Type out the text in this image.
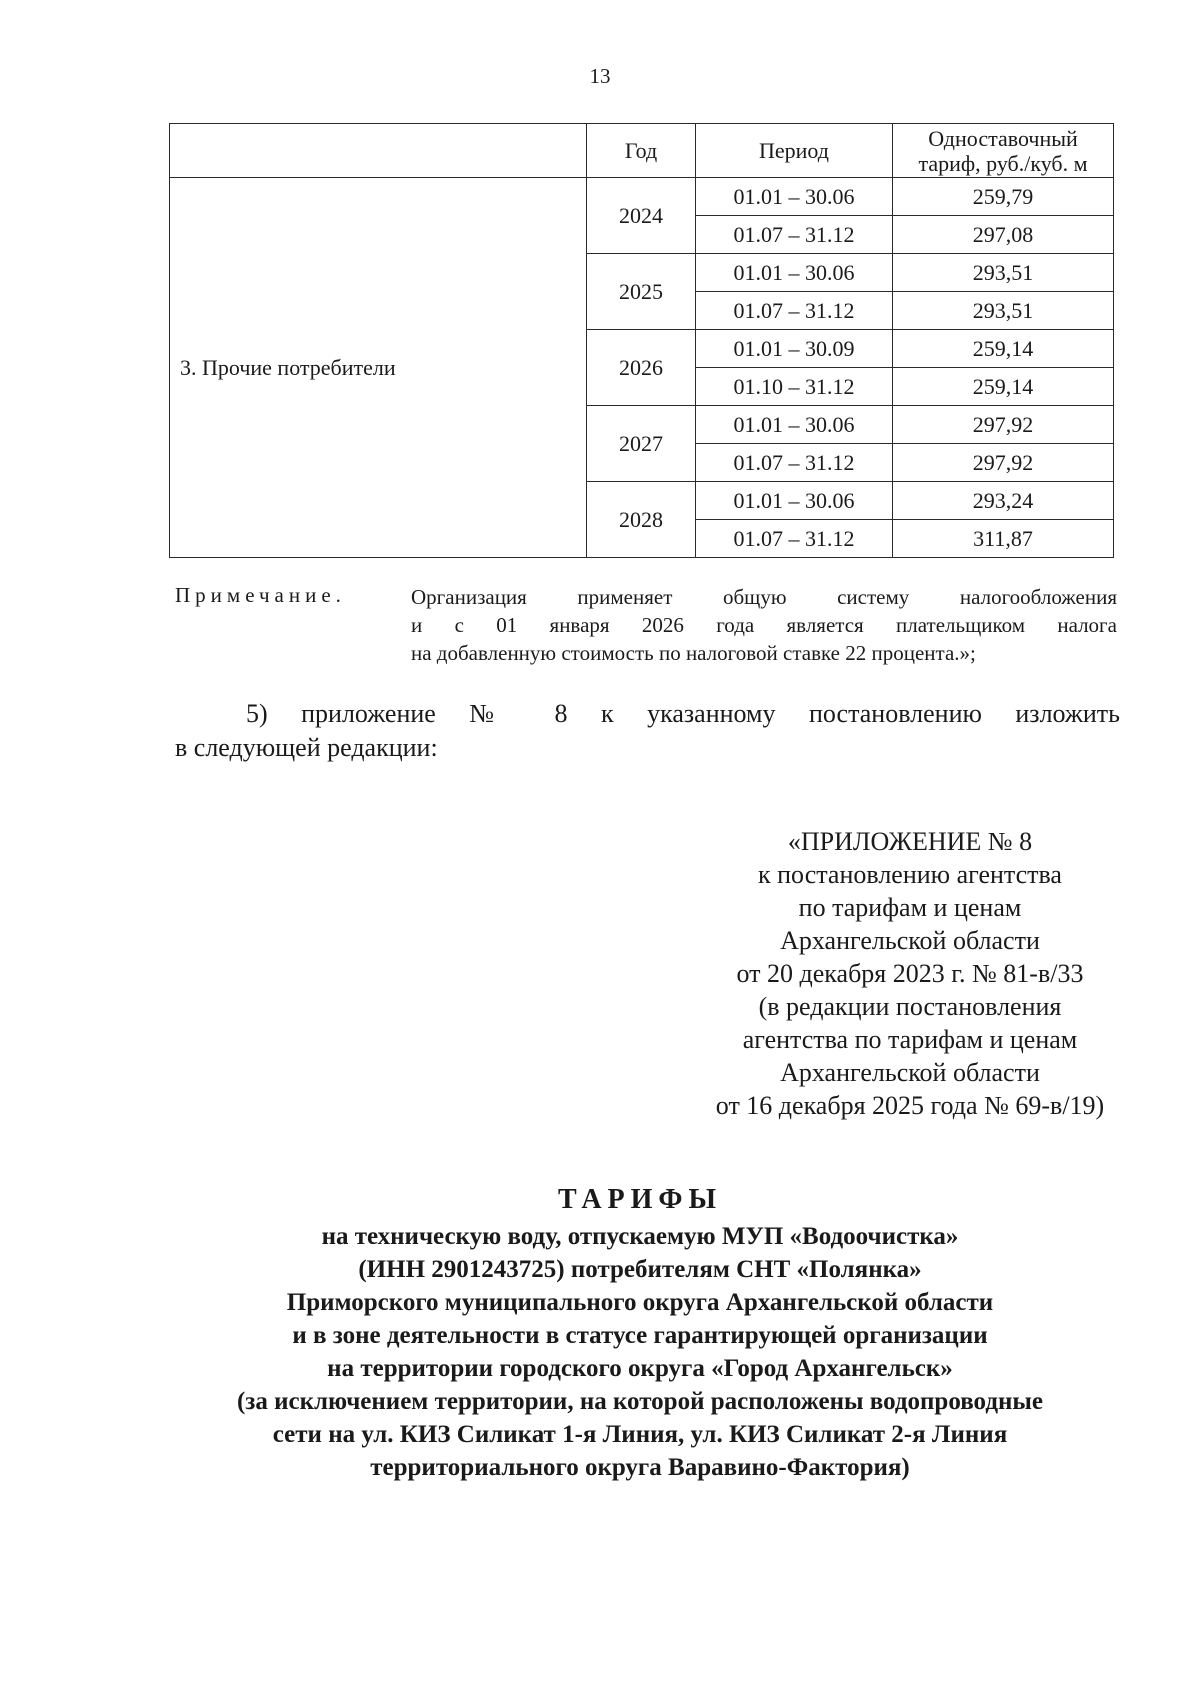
13
	Год	Период	Одноставочный
тариф, руб./куб. м
3. Прочие потребители	2024	01.01 – 30.06	259,79
		01.07 – 31.12	297,08
	2025	01.01 – 30.06	293,51
		01.07 – 31.12	293,51
	2026	01.01 – 30.09	259,14
		01.10 – 31.12	259,14
	2027	01.01 – 30.06	297,92
		01.07 – 31.12	297,92
	2028	01.01 – 30.06	293,24
		01.07 – 31.12	311,87
Примечание.	Организация применяет общую систему налогообложения
и с 01 января 2026 года является плательщиком налога
на добавленную стоимость по налоговой ставке 22 процента.»;
5) приложение № 8 к указанному постановлению изложить
в следующей редакции:
«ПРИЛОЖЕНИЕ № 8
к постановлению агентства
по тарифам и ценам
Архангельской области
от 20 декабря 2023 г. № 81-в/33
(в редакции постановления
агентства по тарифам и ценам
Архангельской области
от 16 декабря 2025 года № 69-в/19)
ТАРИФЫ
на техническую воду, отпускаемую МУП «Водоочистка»
(ИНН 2901243725) потребителям СНТ «Полянка»
Приморского муниципального округа Архангельской области
и в зоне деятельности в статусе гарантирующей организации
на территории городского округа «Город Архангельск»
(за исключением территории, на которой расположены водопроводные
сети на ул. КИЗ Силикат 1-я Линия, ул. КИЗ Силикат 2-я Линия
территориального округа Варавино-Фактория)
